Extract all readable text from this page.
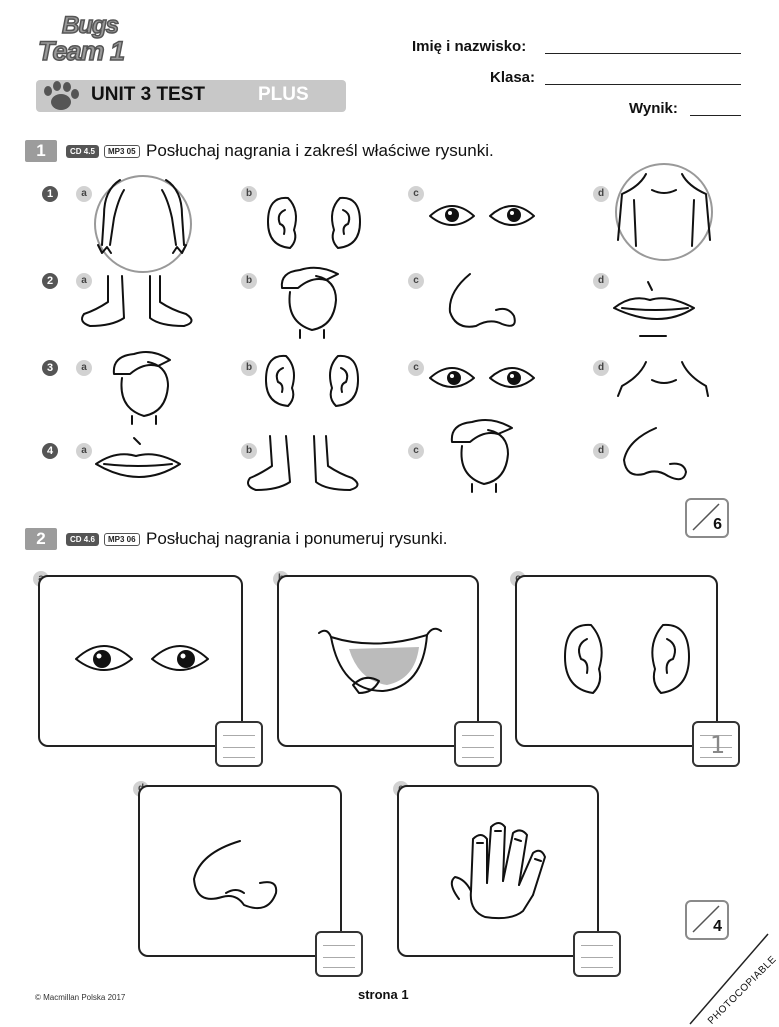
Bugs
Team 1
UNIT 3 TEST	PLUS
Imię i nazwisko:
Klasa:
Wynik:
1	CD 4.5	MP3 05 Posłuchaj nagrania i zakreśl właściwe rysunki.
1
2
3
4
a	b	c	d
a	b	c	d
a	b	c	d
a	b	c	d
6
2	CD 4.6	MP3 06 Posłuchaj nagrania i ponumeruj rysunki.
1
4
© Macmillan Polska 2017	strona 1	PHOTOCOPIABLE
